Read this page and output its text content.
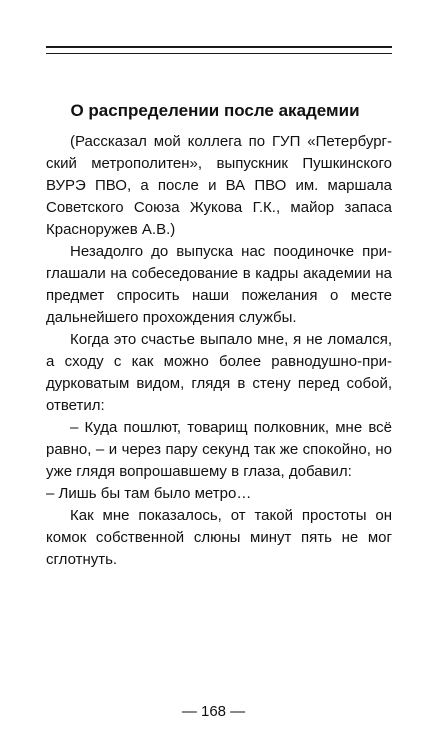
О распределении после академии

(Рассказал мой коллега по ГУП «Петербург-ский метрополитен», выпускник Пушкинского ВУРЭ ПВО, а после и ВА ПВО им. маршала Советского Союза Жукова Г.К., майор запаса Красноружев А.В.)

Незадолго до выпуска нас поодиночке приглашали на собеседование в кадры академии на предмет спросить наши пожелания о месте дальнейшего прохождения службы.

Когда это счастье выпало мне, я не ломался, а сходу с как можно более равнодушно-придурковатым видом, глядя в стену перед собой, ответил:

– Куда пошлют, товарищ полковник, мне всё равно, – и через пару секунд так же спокойно, но уже глядя вопрошавшему в глаза, добавил:

– Лишь бы там было метро…

Как мне показалось, от такой простоты он комок собственной слюны минут пять не мог сглотнуть.

— 168 —
